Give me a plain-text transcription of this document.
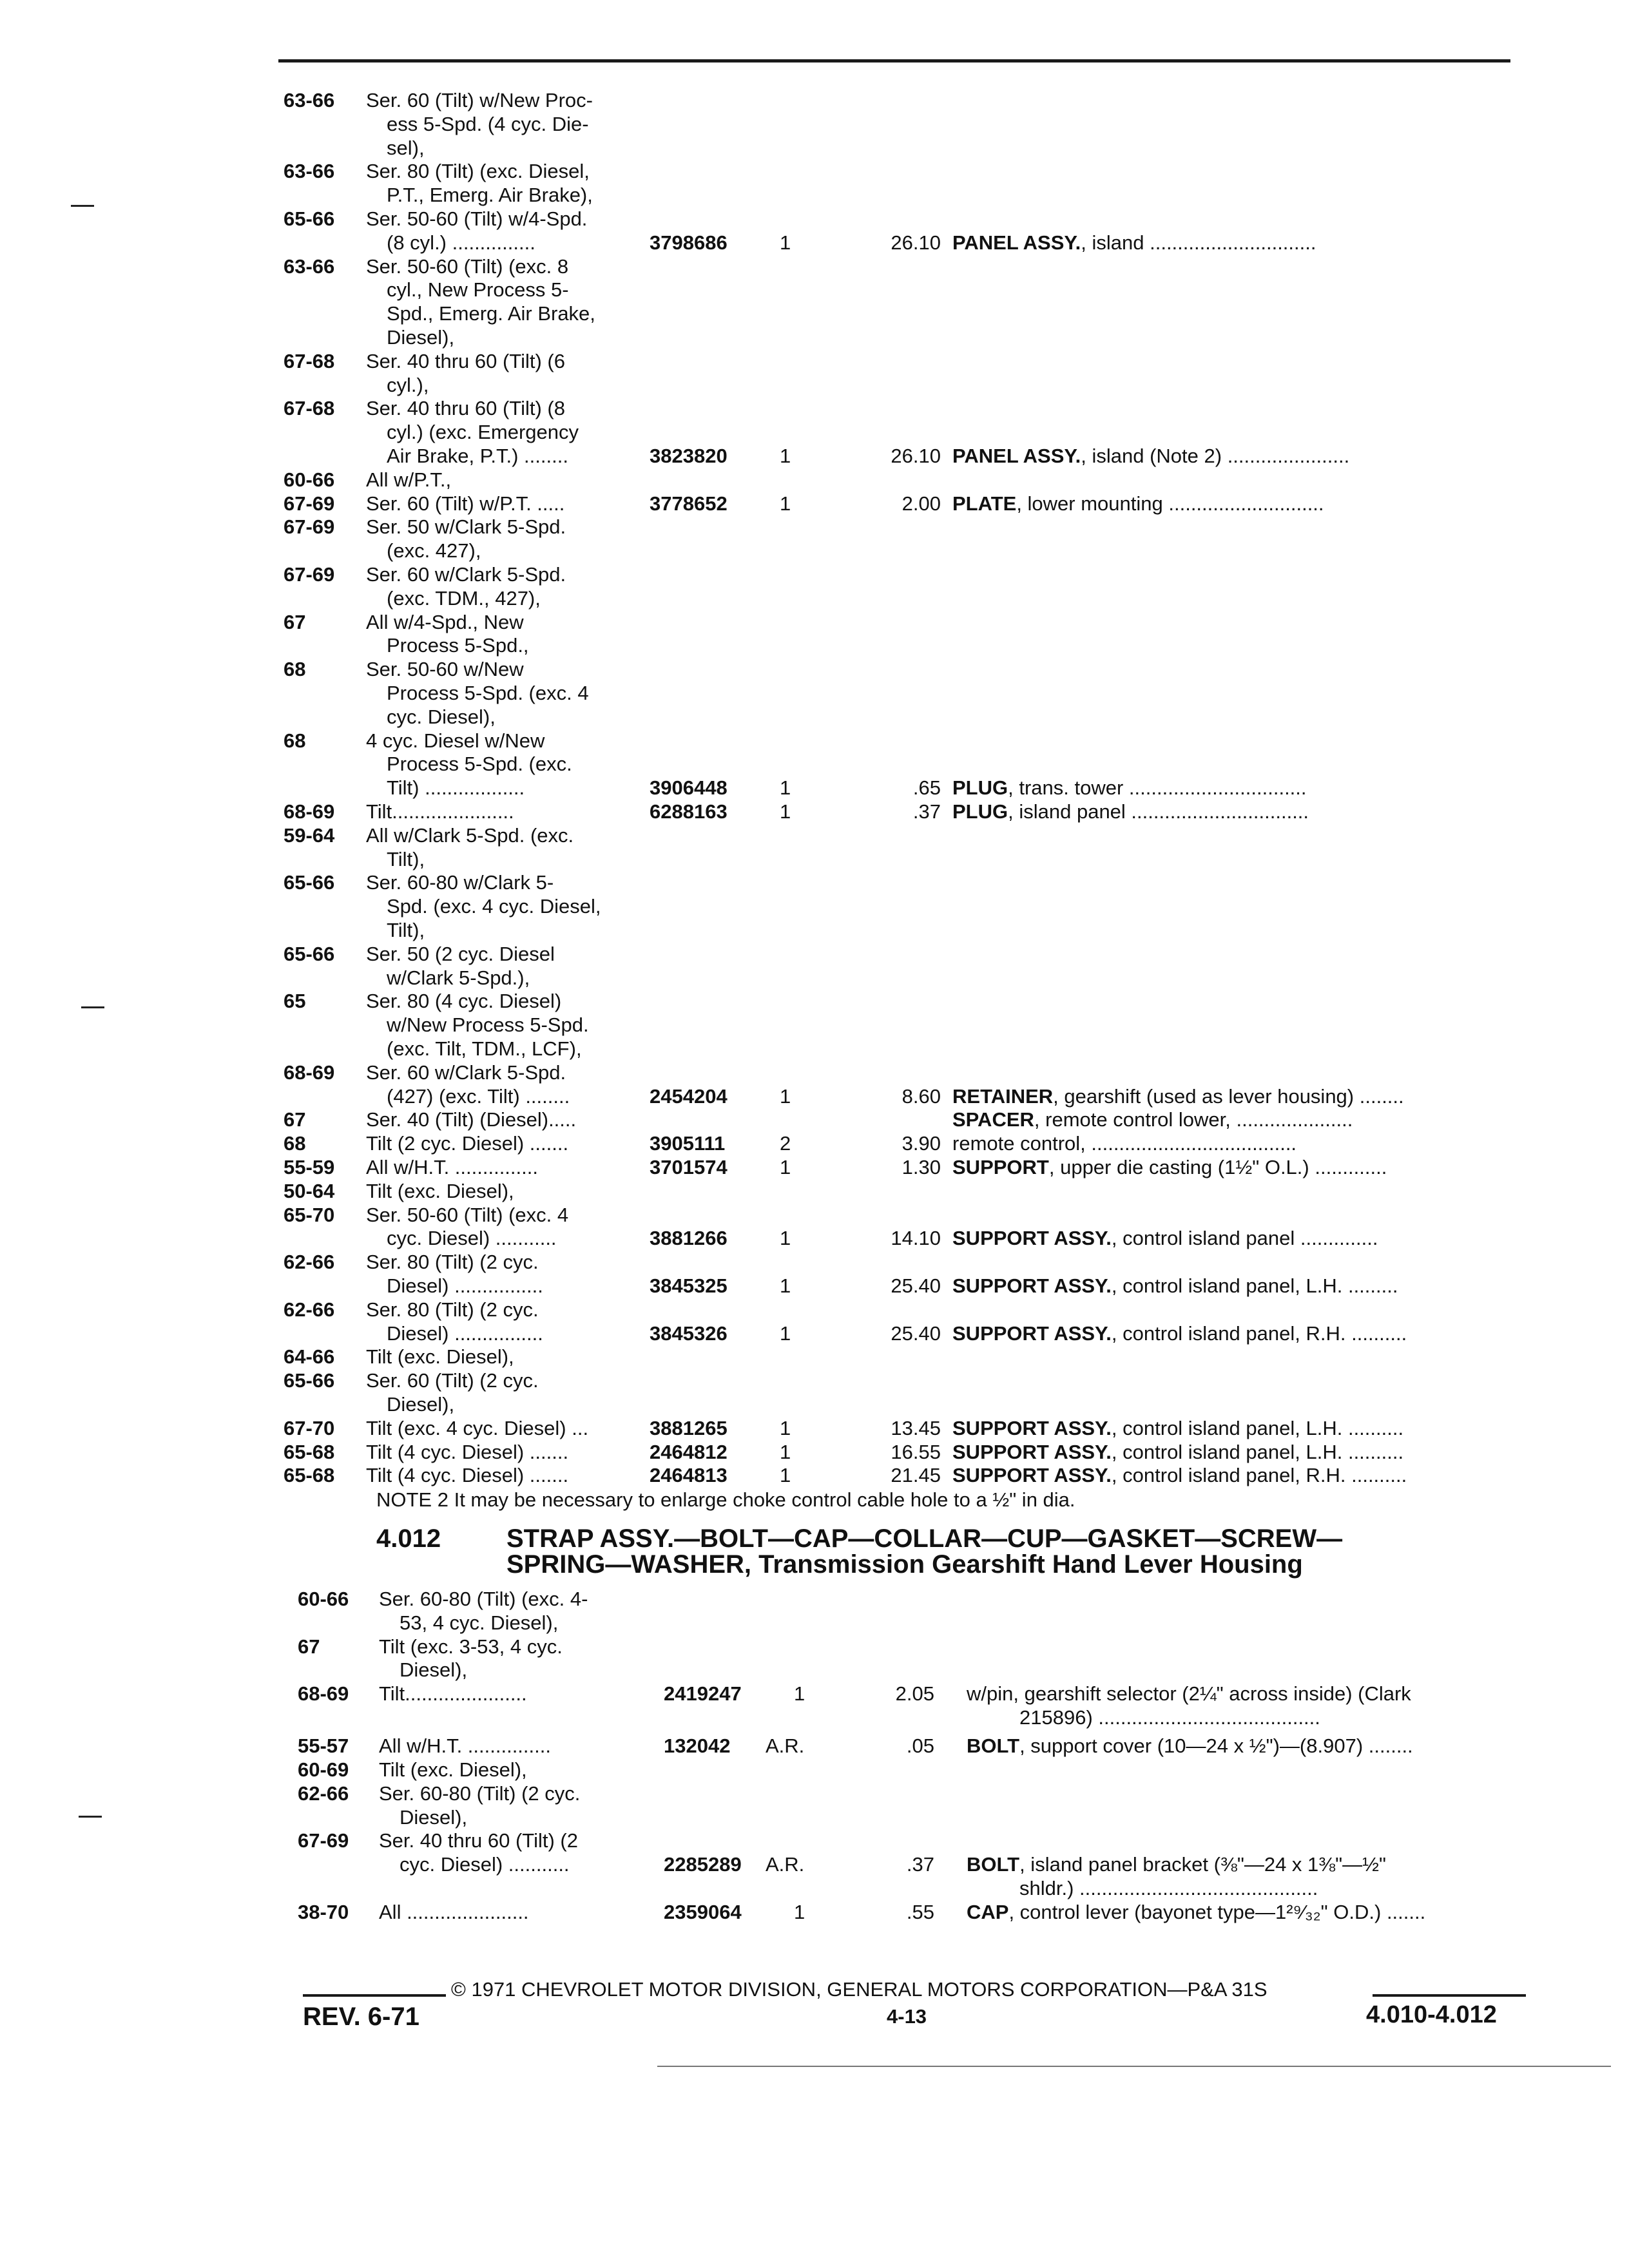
63-66 Ser. 60 (Tilt) w/New Proc-
ess 5-Spd. (4 cyc. Die-
sel),
63-66 Ser. 80 (Tilt) (exc. Diesel,
P.T., Emerg. Air Brake),
65-66 Ser. 50-60 (Tilt) w/4-Spd.
(8 cyl.) ...............	3798686	1	26.10 PANEL ASSY., island ..............................
63-66 Ser. 50-60 (Tilt) (exc. 8
cyl., New Process 5-
Spd., Emerg. Air Brake,
Diesel),
67-68 Ser. 40 thru 60 (Tilt) (6
cyl.),
67-68 Ser. 40 thru 60 (Tilt) (8
cyl.) (exc. Emergency
Air Brake, P.T.) ........	3823820	1	26.10 PANEL ASSY., island (Note 2) ......................
60-66 All w/P.T.,
67-69 Ser. 60 (Tilt) w/P.T. .....	3778652	1	2.00 PLATE, lower mounting ............................
67-69 Ser. 50 w/Clark 5-Spd.
(exc. 427),
67-69 Ser. 60 w/Clark 5-Spd.
(exc. TDM., 427),
67	All w/4-Spd., New
Process 5-Spd.,
68	Ser. 50-60 w/New
Process 5-Spd. (exc. 4
cyc. Diesel),
68	4 cyc. Diesel w/New
Process 5-Spd. (exc.
Tilt) ..................	3906448	1	.65 PLUG, trans. tower ................................
68-69 Tilt......................	6288163	1	.37 PLUG, island panel ................................
59-64 All w/Clark 5-Spd. (exc.
Tilt),
65-66 Ser. 60-80 w/Clark 5-
Spd. (exc. 4 cyc. Diesel,
Tilt),
65-66 Ser. 50 (2 cyc. Diesel
w/Clark 5-Spd.),
65	Ser. 80 (4 cyc. Diesel)
w/New Process 5-Spd.
(exc. Tilt, TDM., LCF),
68-69 Ser. 60 w/Clark 5-Spd.
(427) (exc. Tilt) ........	2454204	1	8.60 RETAINER, gearshift (used as lever housing) ........
67	Ser. 40 (Tilt) (Diesel).....	SPACER, remote control lower, .....................
68	Tilt (2 cyc. Diesel) .......	3905111	2	3.90 remote control, .....................................
55-59 All w/H.T. ...............	3701574	1	1.30 SUPPORT, upper die casting (1½" O.L.) .............
50-64 Tilt (exc. Diesel),
65-70 Ser. 50-60 (Tilt) (exc. 4
cyc. Diesel) ...........	3881266	1	14.10 SUPPORT ASSY., control island panel ..............
62-66 Ser. 80 (Tilt) (2 cyc.
Diesel) ................	3845325	1	25.40 SUPPORT ASSY., control island panel, L.H. .........
62-66 Ser. 80 (Tilt) (2 cyc.
Diesel) ................	3845326	1	25.40 SUPPORT ASSY., control island panel, R.H. ..........
64-66 Tilt (exc. Diesel),
65-66 Ser. 60 (Tilt) (2 cyc.
Diesel),
67-70 Tilt (exc. 4 cyc. Diesel) ...	3881265	1	13.45 SUPPORT ASSY., control island panel, L.H. ..........
65-68 Tilt (4 cyc. Diesel) .......	2464812	1	16.55 SUPPORT ASSY., control island panel, L.H. ..........
65-68 Tilt (4 cyc. Diesel) .......	2464813	1	21.45 SUPPORT ASSY., control island panel, R.H. ..........
NOTE 2 It may be necessary to enlarge choke control cable hole to a ½" in dia.
4.012	STRAP ASSY.—BOLT—CAP—COLLAR—CUP—GASKET—SCREW—
SPRING—WASHER, Transmission Gearshift Hand Lever Housing
60-66 Ser. 60-80 (Tilt) (exc. 4-
53, 4 cyc. Diesel),
67	Tilt (exc. 3-53, 4 cyc.
Diesel),
68-69 Tilt......................	2419247	1	2.05 w/pin, gearshift selector (2¼" across inside) (Clark
215896) ........................................
55-57 All w/H.T. ...............	132042 A.R.	.05 BOLT, support cover (10—24 x ½")—(8.907) ........
60-69 Tilt (exc. Diesel),
62-66 Ser. 60-80 (Tilt) (2 cyc.
Diesel),
67-69 Ser. 40 thru 60 (Tilt) (2
cyc. Diesel) ...........	2285289 A.R.	.37 BOLT, island panel bracket (⅜"—24 x 1⅜"—½"
shldr.) ...........................................
38-70 All ......................	2359064	1	.55 CAP, control lever (bayonet type—1²⁹⁄₃₂" O.D.) .......
© 1971 CHEVROLET MOTOR DIVISION, GENERAL MOTORS CORPORATION—P&A 31S
REV. 6-71	4-13	4.010-4.012
